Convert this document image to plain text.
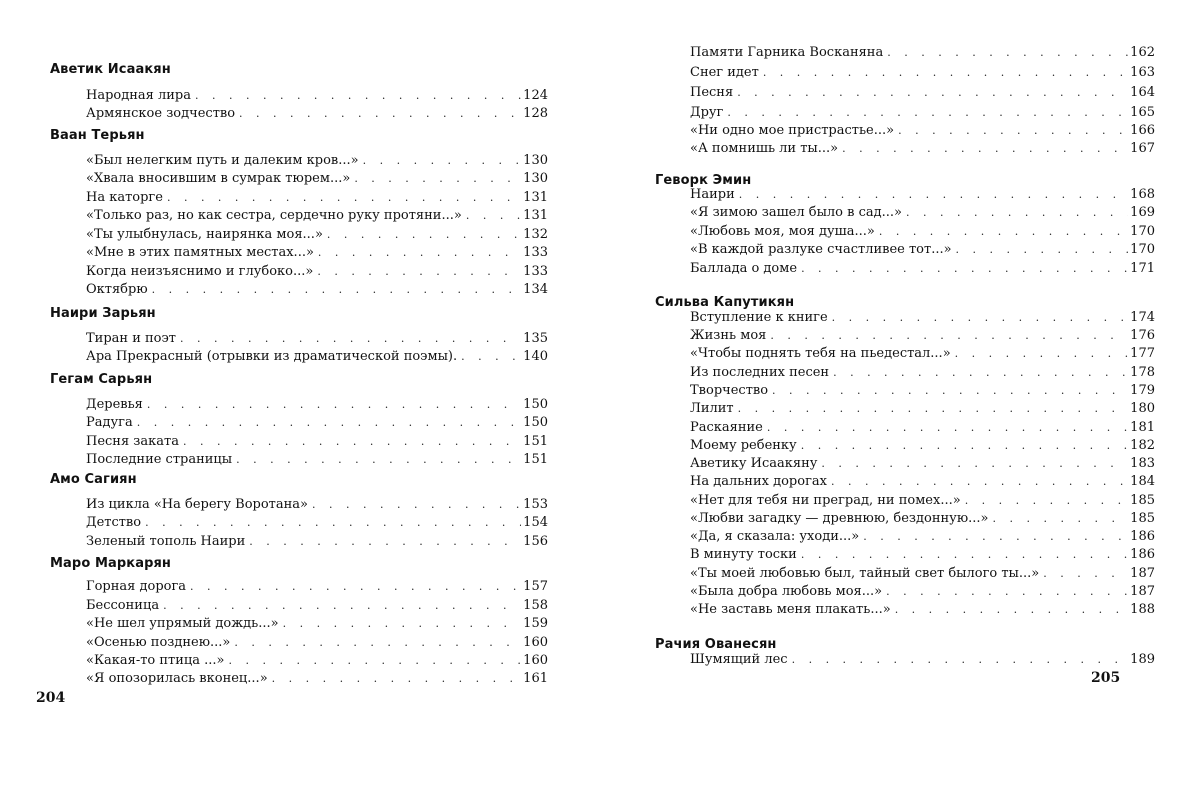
Аветик Исаакян
Народная лира . . .	124
Армянское зодчество . . .	128
Ваан Терьян
«Был нелегким путь и далеким кров...» . . .	130
«Хвала вносившим в сумрак тюрем...» . . .	130
На каторге . . .	131
«Только раз, но как сестра, сердечно руку протяни...» . . .	131
«Ты улыбнулась, наирянка моя...» . . .	132
«Мне в этих памятных местах...» . . .	133
Когда неизъяснимо и глубоко...» . . .	133
Октябрю . . .	134
Наири Зарьян
Тиран и поэт . . .	135
Ара Прекрасный (отрывки из драматической поэмы). . . .	140
Гегам Сарьян
Деревья . . .	150
Радуга . . .	150
Песня заката . . .	151
Последние страницы . . .	151
Амо Сагиян
Из цикла «На берегу Воротана» . . .	153
Детство . . .	154
Зеленый тополь Наири . . .	156
Маро Маркарян
Горная дорога . . .	157
Бессоница . . .	158
«Не шел упрямый дождь...» . . .	159
«Осенью позднею...» . . .	160
«Какая-то птица ...» . . .	160
«Я опозорилась вконец...» . . .	161
204
Памяти Гарника Восканяна . . .	162
Снег идет . . .	163
Песня . . .	164
Друг . . .	165
«Ни одно мое пристрастье...» . . .	166
«А помнишь ли ты...» . . .	167
Геворк Эмин
Наири . . .	168
«Я зимою зашел было в сад...» . . .	169
«Любовь моя, моя душа...» . . .	170
«В каждой разлуке счастливее тот...» . . .	170
Баллада о доме . . .	171
Сильва Капутикян
Вступление к книге . . .	174
Жизнь моя . . .	176
«Чтобы поднять тебя на пьедестал...» . . .	177
Из последних песен . . .	178
Творчество . . .	179
Лилит . . .	180
Раскаяние . . .	181
Моему ребенку . . .	182
Аветику Исаакяну . . .	183
На дальних дорогах . . .	184
«Нет для тебя ни преград, ни помех...» . . .	185
«Любви загадку — древнюю, бездонную...» . . .	185
«Да, я сказала: уходи...» . . .	186
В минуту тоски . . .	186
«Ты моей любовью был, тайный свет былого ты...» . . .	187
«Была добра любовь моя...» . . .	187
«Не заставь меня плакать...» . . .	188
Рачия Ованесян
Шумящий лес . . .	189
205
